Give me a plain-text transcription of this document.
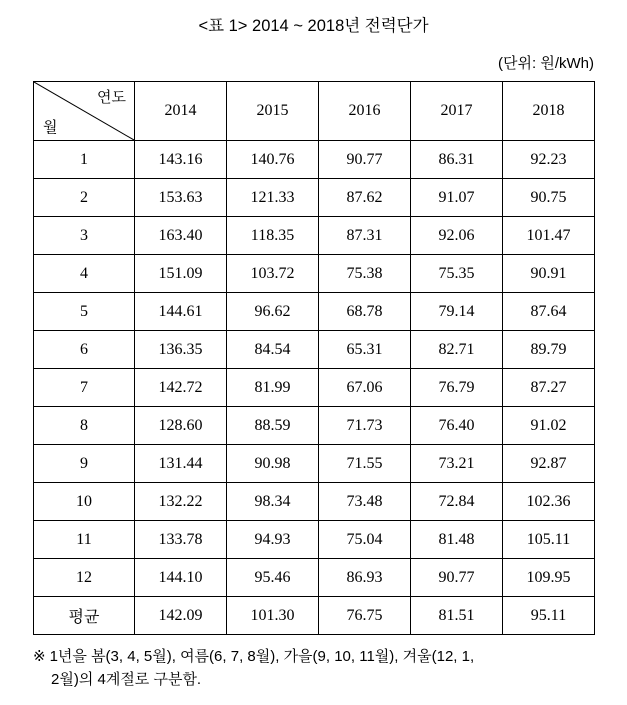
<표 1> 2014 ~ 2018년 전력단가
(단위: 원/kWh)
연도
월	2014	2015	2016	2017	2018
1	143.16	140.76	90.77	86.31	92.23
2	153.63	121.33	87.62	91.07	90.75
3	163.40	118.35	87.31	92.06	101.47
4	151.09	103.72	75.38	75.35	90.91
5	144.61	96.62	68.78	79.14	87.64
6	136.35	84.54	65.31	82.71	89.79
7	142.72	81.99	67.06	76.79	87.27
8	128.60	88.59	71.73	76.40	91.02
9	131.44	90.98	71.55	73.21	92.87
10	132.22	98.34	73.48	72.84	102.36
11	133.78	94.93	75.04	81.48	105.11
12	144.10	95.46	86.93	90.77	109.95
평균	142.09	101.30	76.75	81.51	95.11
※ 1년을 봄(3, 4, 5월), 여름(6, 7, 8월), 가을(9, 10, 11월), 겨울(12, 1,
2월)의 4계절로 구분함.
